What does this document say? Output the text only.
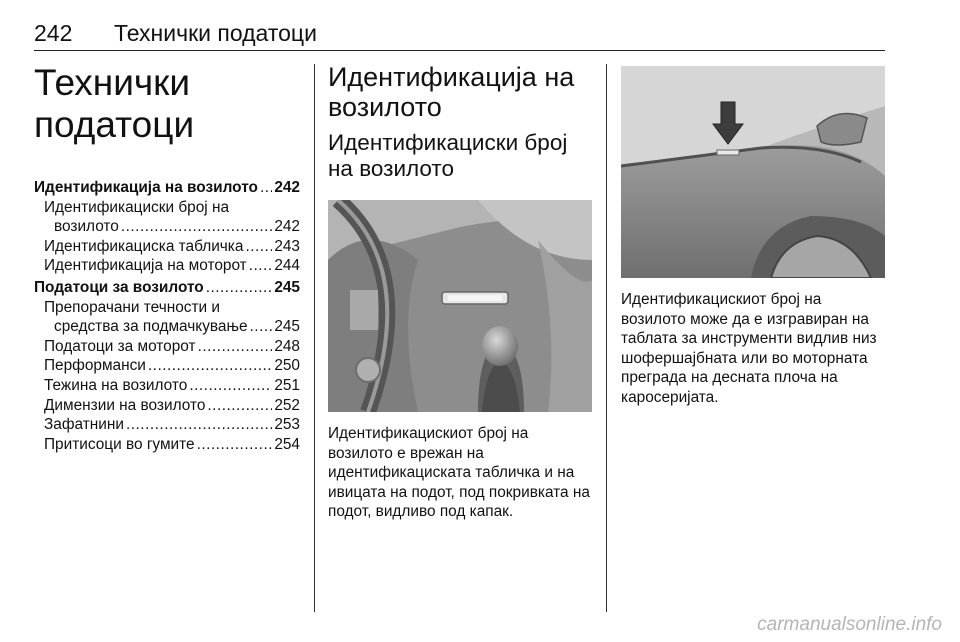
242 Технички податоци
Технички податоци
Идентификација на возилото ..... 242
Идентификациски број на
возилото .....	242
Идентификациска табличка ..... 243
Идентификација на моторот ..... 244
Податоци за возилото .....	245
Препорачани течности и
средства за подмачкување ..... 245
Податоци за моторот .....	248
Перформанси .....	250
Тежина на возилото .....	251
Димензии на возилото .....	252
Зафатнини .....	253
Притисоци во гумите .....	254
Идентификација на возилото
Идентификациски број на возилото
Идентификацискиот број на возилото е врежан на идентификациската табличка и на ивицата на подот, под покривката на подот, видливо под капак.
Идентификацискиот број на возилото може да е изгравиран на таблата за инструменти видлив низ шофершајбната или во моторната преграда на десната плоча на каросеријата.
carmanualsonline.info
